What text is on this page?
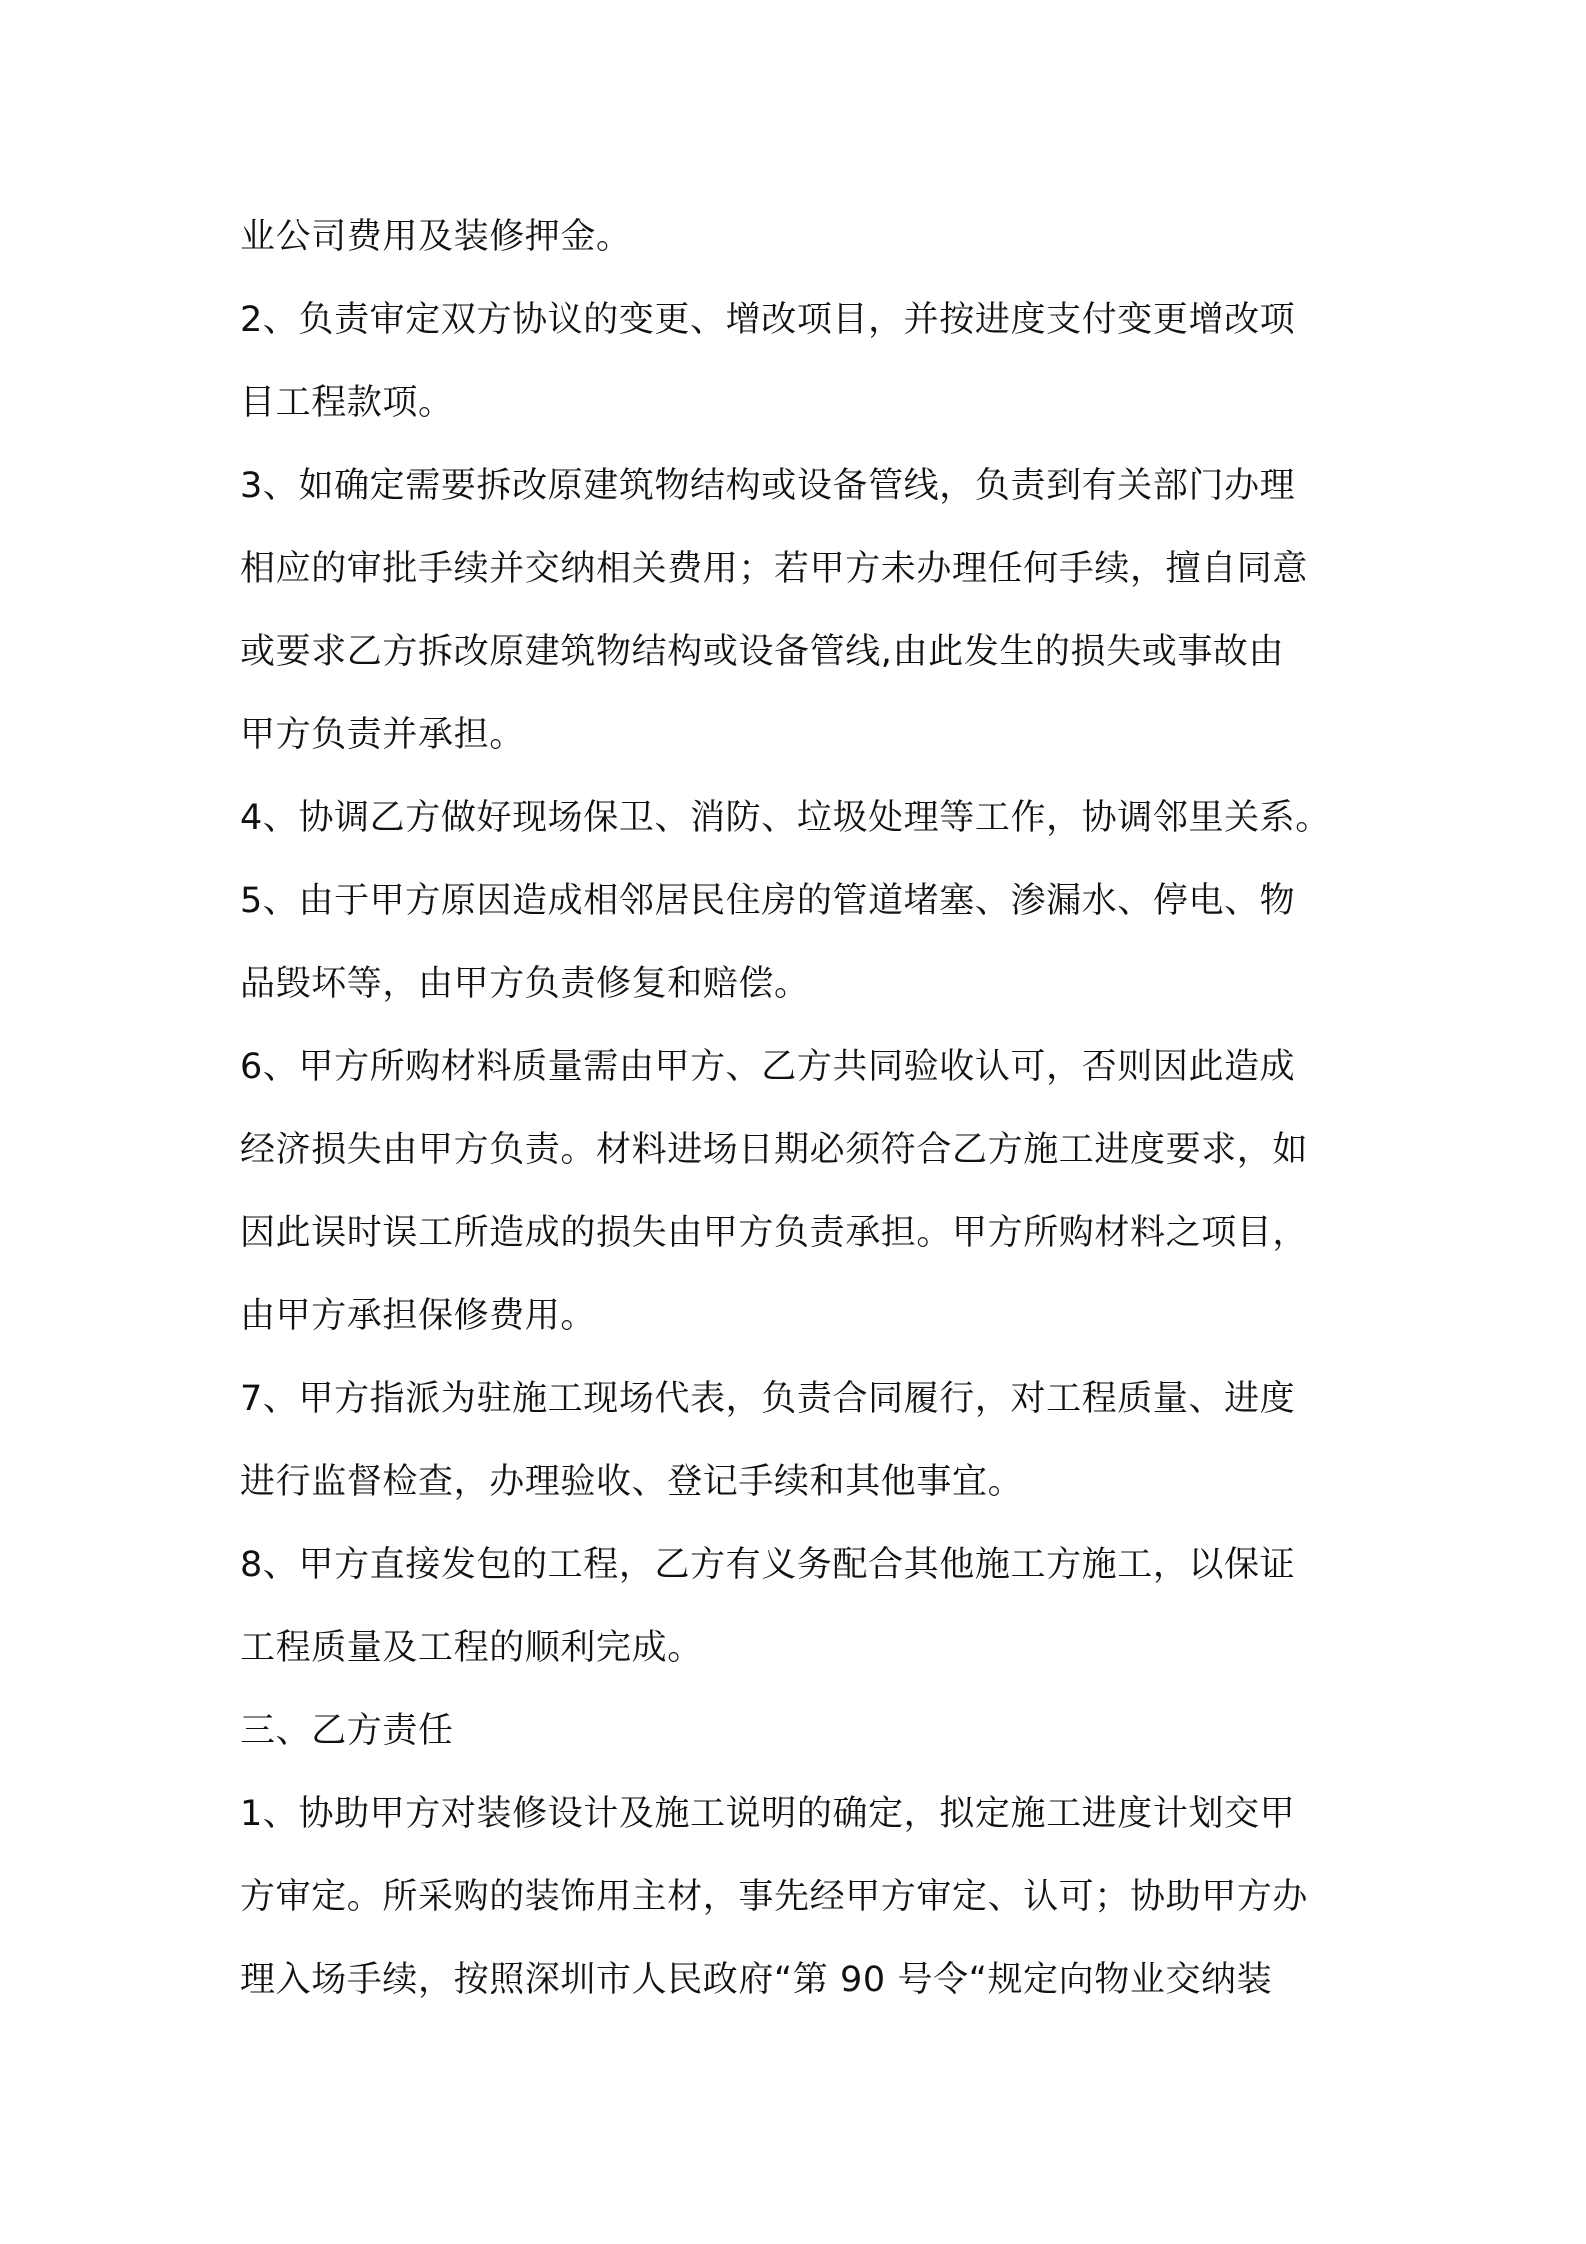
业公司费用及装修押金。
2、负责审定双方协议的变更、增改项目，并按进度支付变更增改项
目工程款项。
3、如确定需要拆改原建筑物结构或设备管线，负责到有关部门办理
相应的审批手续并交纳相关费用；若甲方未办理任何手续，擅自同意
或要求乙方拆改原建筑物结构或设备管线,由此发生的损失或事故由
甲方负责并承担。
4、协调乙方做好现场保卫、消防、垃圾处理等工作，协调邻里关系。
5、由于甲方原因造成相邻居民住房的管道堵塞、渗漏水、停电、物
品毁坏等，由甲方负责修复和赔偿。
6、甲方所购材料质量需由甲方、乙方共同验收认可，否则因此造成
经济损失由甲方负责。材料进场日期必须符合乙方施工进度要求，如
因此误时误工所造成的损失由甲方负责承担。甲方所购材料之项目，
由甲方承担保修费用。
7、甲方指派为驻施工现场代表，负责合同履行，对工程质量、进度
进行监督检查，办理验收、登记手续和其他事宜。
8、甲方直接发包的工程，乙方有义务配合其他施工方施工，以保证
工程质量及工程的顺利完成。
三、乙方责任
1、协助甲方对装修设计及施工说明的确定，拟定施工进度计划交甲
方审定。所采购的装饰用主材，事先经甲方审定、认可；协助甲方办
理入场手续，按照深圳市人民政府“第 90 号令“规定向物业交纳装
